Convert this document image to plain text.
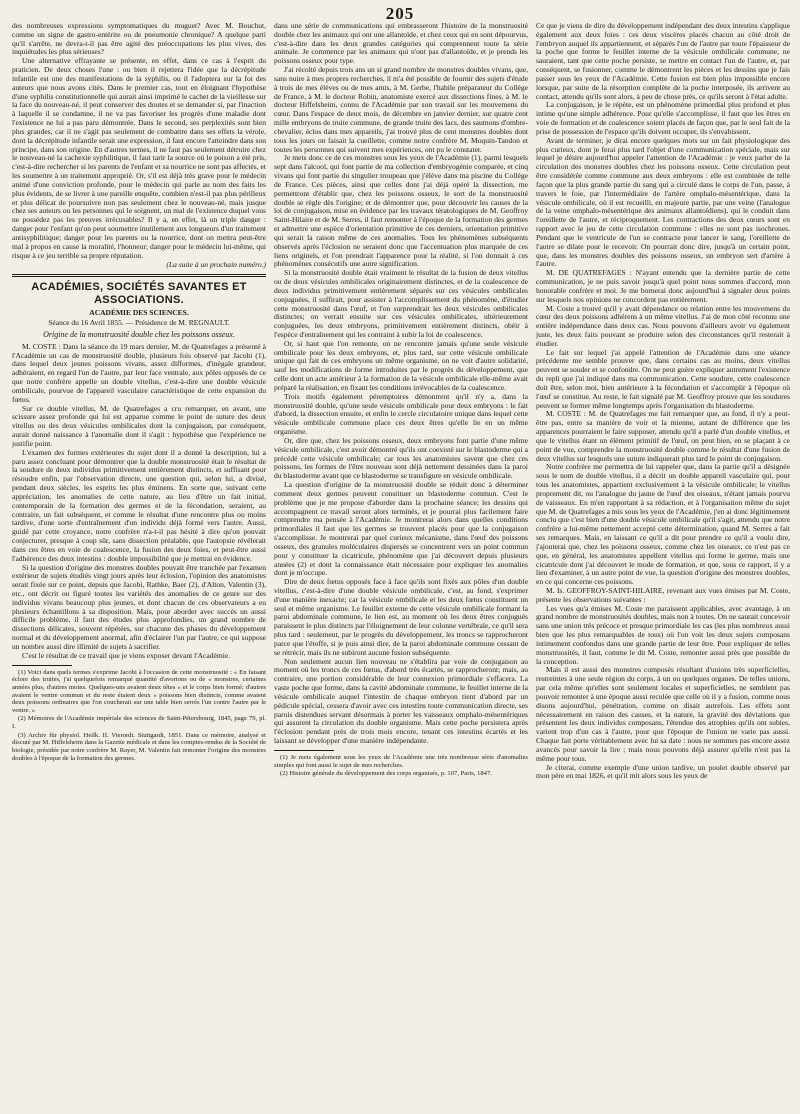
205

des nombreuses expressions symptomatiques du muguet? Avec M. Bouchut, comme un signe de gastro-entérite ou de pneumonie chronique? A quelque parti qu'il s'arrête, ne devra-t-il pas être agité des préoccupations les plus vives, des inquiétudes les plus sérieuses?

Une alternative effrayante se présente, en effet, dans ce cas à l'esprit du praticien. De deux choses l'une : ou bien il rejettera l'idée que la décrépitude infantile est une des manifestations de la syphilis, ou il l'adoptera sur la foi des auteurs que nous avons cités. Dans le premier cas, tout en éloignant l'hypothèse d'une syphilis constitutionnelle qui aurait ainsi imprimé le cachet de la vieillesse sur la face du nouveau-né, il peut conserver des doutes et se demander si, par l'inaction à laquelle il se condamne, il ne va pas favoriser les progrès d'une maladie dont l'existence ne lui a pas paru démontrée. Dans le second, ses perplexités sont bien plus grandes, car il ne s'agit pas seulement de combattre dans ses effets la vérole, dont la décrépitude infantile serait une expression, il faut encore l'atteindre dans son principe, dans son origine. En d'autres termes, il ne faut pas seulement détruire chez le nouveau-né la cachexie syphilitique, il faut tarir la source où le poison a été pris, c'est-à-dire rechercher si les parents de l'enfant et sa nourrice ne sont pas affectés, et les soumettre à un traitement approprié. Or, s'il est déjà très grave pour le médecin animé d'une conviction profonde, pour le médecin qui parle au nom des faits les plus évidents, de se livrer à une pareille enquête, combien n'est-il pas plus périlleux et plus délicat de poursuivre non pas seulement chez le nouveau-né, mais jusque chez ses auteurs ou les personnes qui le soignent, un mal de l'existence duquel vous ne possédez pas les preuves irrécusables? Il y a, en effet, là un triple danger : danger pour l'enfant qu'on peut soumettre inutilement aux longueurs d'un traitement antisyphilitique; danger pour les parents ou la nourrice, dont on mettra peut-être mal à propos en cause la moralité, l'honneur; danger pour le médecin lui-même, qui risque à ce jeu terrible sa propre réputation.

(La suite à un prochain numéro.)
ACADÉMIES, SOCIÉTÉS SAVANTES ET ASSOCIATIONS.
ACADÉMIE DES SCIENCES.
Séance du 16 Avril 1855. — Présidence de M. REGNAULT.
Origine de la monstruosité double chez les poissons osseux.

M. COSTE : Dans la séance du 19 mars dernier, M. de Quatrefages a présenté à l'Académie un cas de monstruosité double, plusieurs fois observé par Jacobi (1), dans lequel deux jeunes poissons vivans, assez difformes, d'inégale grandeur, adhéraient, en regard l'un de l'autre, par leur face ventrale, aux pôles opposés de ce que notre confrère appelle un double vitellus, c'est-à-dire une double vésicule ombilicale, pourvue de l'appareil vasculaire caractéristique de cette expansion du fœtus.

Sur ce double vitellus, M. de Quatrefages a cru remarquer, en avant, une scissure assez profonde qui lui est apparue comme le point de suture des deux vitellus ou des deux vésicules ombilicales dont la conjugaison, par conséquent, aurait donné naissance à l'anomalie dont il s'agit : hypothèse que l'expérience ne justifie point.

L'examen des formes extérieures du sujet dont il a donné la description, lui a paru assez concluant pour démontrer que la double monstruosité était le résultat de la soudure de deux individus primitivement entièrement distincts, et suffisant pour résoudre enfin, par l'observation directe, une question qui, selon lui, a divisé, pendant deux siècles, les esprits les plus éminens. En sorte que, suivant cette appréciation, les anomalies de cette nature, au lieu d'être un fait initial, contemporain de la formation des germes et de la fécondation, seraient, au contraire, un fait subséquent, et comme le résultat d'une rencontre plus ou moins tardive, d'une sorte d'entraînement d'un individu déjà formé vers l'autre. Aussi, guidé par cette croyance, notre confrère n'a-t-il pas hésité à dire qu'on pouvait conjecturer, presque à coup sûr, sans dissection préalable, que l'autopsie révélerait dans ces êtres en voie de coalescence, la fusion des deux foies, et peut-être aussi l'adhérence des deux intestins : double impossibilité que je mettrai en évidence.

Si la question d'origine des monstres doubles pouvait être tranchée par l'examen extérieur de sujets étudiés vingt jours après leur éclosion, l'opinion des anatomistes serait fixée sur ce point, depuis que Jacobi, Rathke, Baer (2), d'Alton, Valentin (3), etc., ont décrit ou figuré toutes les variétés des anomalies de ce genre sur des individus vivans beaucoup plus jeunes, et dont chacun de ces observateurs a eu plusieurs échantillons à sa disposition. Mais, pour aborder avec succès un aussi difficile problème, il faut des études plus approfondies, un grand nombre de dissections délicates, souvent répétées, sur chacune des phases du développement normal et du développement anormal, afin d'éclairer l'un par l'autre, ce qui suppose un nombre aussi dire illimité de sujets à sacrifier.

C'est le résultat de ce travail que je viens exposer devant l'Académie.

(1) Voici dans quels termes s'exprime Jacobi à l'occasion de cette monstruosité : « En faisant éclore des truites, j'ai quelquefois remarqué quantité d'avortons ou de « monstres, certaines années plus, d'autres moins. Quelques-uns avaient deux têtes « et le corps bien formé; d'autres avaient le ventre commun et du reste étaient deux « poissons bien distincts, comme avaient deux poissons ordinaires que l'on coucherait sur une table bien serrés l'un contre l'autre par le ventre. »

(2) Mémoires de l'Académie impériale des sciences de Saint-Pétersbourg, 1845, page 79, pl. I.

(3) Archiv für physiol. Heilk. II. Vierordt. Stuttgardt, 1851. Dans ce mémoire, analysé et discuté par M. Hiffelsheim dans la Gazette médicale et dans les comptes-rendus de la Société de biologie, présidée par notre confrère M. Rayer, M. Valentin fait remonter l'origine des monstres doubles à l'époque de la formation des germes.

dans une série de communications qui embrasseront l'histoire de la monstruosité double chez les animaux qui ont une allantoïde, et chez ceux qui en sont dépourvus, c'est-à-dire dans les deux grandes catégories qui comprennent toute la série animale. Je commence par les animaux qui n'ont pas d'allantoïde, et je prends les poissons osseux pour type.

J'ai récolté depuis trois ans un si grand nombre de monstres doubles vivans, que, sans nuire à mes propres recherches, il m'a été possible de fournir des sujets d'étude à trois de mes élèves ou de mes amis, à M. Gerbe, l'habile préparateur du Collége de France, à M. le docteur Robin, anatomiste exercé aux dissections fines, à M. le docteur Hiffelsheim, connu de l'Académie par son travail sur les mouvemens du cœur. Dans l'espace de deux mois, de décembre en janvier dernier, sur quatre cent mille embryons de truite commune, de grande truite des lacs, des saumons d'ombre-chevalier, éclos dans mes appareils, j'ai trouvé plus de cent monstres doubles dont tous les jours on faisait la cueillette, comme notre confrère M. Moquin-Tandon et toutes les personnes qui suivent mes expériences, ont pu le constater.

Je mets donc ce de ces monstres sous les yeux de l'Académie (1), parmi lesquels sept dans l'alcool, qui font partie de ma collection d'embryogénie comparée, et cinq vivans qui font partie du singulier troupeau que j'élève dans ma piscine du Collége de France. Ces pièces, ainsi que celles dont j'ai déjà opéré la dissection, me permettront d'établir que, chez les poissons osseux, le sort de la monstruosité double se règle dès l'origine; et de démontrer que, pour découvrir les causes de la loi de conjugaison, mise en évidence par les travaux tératologiques de M. Geoffroy Saint-Hilaire et de M. Serres, il faut remonter à l'époque de la formation des germes et admettre une espèce d'orientation primitive de ces derniers, orientation primitive qui serait la raison même de ces anomalies. Tous les phénomènes subséquents observés après l'éclosion ne seraient donc que l'accentuation plus marquée de ces liens originels, et l'on prendrait l'apparence pour la réalité, si l'on donnait à ces phénomènes consécutifs une autre signification.

Si la monstruosité double était vraiment le résultat de la fusion de deux vitellus ou de deux vésicules ombilicales originairement distinctes, et de la coalescence de deux individus primitivement entièrement séparés sur ces vésicules ombilicales conjuguées, il suffirait, pour assister à l'accomplissement du phénomène, d'étudier cette monstruosité dans l'œuf, et l'on surprendrait les deux vésicules ombilicales distinctes; on verrait ensuite sur ces vésicules ombilicales, ultérieurement conjuguées, les deux embryons, primitivement entièrement distincts, obéir à l'espèce d'entraînement qui les contraint à subir la loi de coalescence.

Or, si haut que l'on remonte, on ne rencontre jamais qu'une seule vésicule ombilicale pour les deux embryons, et, plus tard, sur cette vésicule ombilicale unique qui fait de ces embryons un même organisme, on ne voit d'autre solidarité, sauf les modifications de forme introduites par le progrès du développement, que celle dont un acte antérieur à la formation de la vésicule ombilicale elle-même avait préparé la réalisation, en fixant les conditions irrévocables de la coalescence.

Trois motifs également péremptoires démontrent qu'il n'y a, dans la monstruosité double, qu'une seule vésicule ombilicale pour deux embryons : le fait d'abord, la dissection ensuite, et enfin le cercle circulatoire unique dans lequel cette vésicule ombilicale commune place ces deux êtres qu'elle lie en un même organisme.

Or, dire que, chez les poissons osseux, deux embryons font partie d'une même vésicule ombilicale, c'est avoir démontré qu'ils ont coexisté sur le blastoderme qui a précédé cette vésicule ombilicale; car tous les anatomistes savent que chez ces poissons, les formes de l'être nouveau sont déjà nettement dessinées dans la paroi du blastoderme avant que ce blastoderme se transfigure en vésicule ombilicale.

La question d'origine de la monstruosité double se réduit donc à déterminer comment deux germes peuvent constituer un blastoderme commun. C'est le problème que je me propose d'aborder dans la prochaine séance; les dessins qui accompagnent ce travail seront alors terminés, et je pourrai plus facilement faire comprendre ma pensée à l'Académie. Je montrerai alors dans quelles conditions primordiales il faut que les germes se trouvent placés pour que la conjugaison s'accomplisse. Je montrerai par quel curieux mécanisme, dans l'œuf des poissons osseux, des granules moléculaires dispersés se concentrent vers un point commun pour y constituer la cicatricule, phénomène que j'ai découvert depuis plusieurs années (2) et dont la connaissance était nécessaire pour expliquer les anomalies dont je m'occupe.

Dire de deux fœtus opposés face à face qu'ils sont fixés aux pôles d'un double vitellus, c'est-à-dire d'une double vésicule ombilicale, c'est, au fond, s'exprimer d'une manière inexacte; car la vésicule ombilicale et les deux fœtus constituent un seul et même organisme. Le feuillet externe de cette vésicule ombilicale formant la paroi abdominale commune, le lien est, au moment où les deux êtres conjugués paraissent le plus distincts par l'éloignement de leur colonne vertébrale, ce qu'il sera plus tard : seulement, par le progrès du développement, les troncs se rapprocheront parce que l'étoffe, si je puis ainsi dire, de la paroi abdominale commune cessant de se rétrécir, mais ils ne subiront aucune fusion subséquente.

Non seulement aucun lien nouveau ne s'établira par voie de conjugaison au moment où les troncs de ces fœtus, d'abord très écartés, se rapprocheront; mais, au contraire, une portion considérable de leur connexion primordiale s'effacera. La vaste poche que forme, dans la cavité abdominale commune, le feuillet interne de la vésicule ombilicale auquel l'intestin de chaque embryon tient d'abord par un pédicule spécial, cessera d'avoir avec ces intestins toute communication directe, ses parois distendues servant désormais à porter les vaisseaux omphalo-mésentériques qui assurent la circulation du double organisme. Mais cette poche persistera après l'éclosion pendant près de trois mois encore, tenant ces intestins écartés et les laissant se développer d'une manière indépendante.

(1) Je mets également sous les yeux de l'Académie une très nombreuse série d'anomalies simples qui font aussi le sujet de mes recherches.

(2) Histoire générale du développement des corps organisés, p. 107, Paris, 1847.

Ce que je viens de dire du développement indépendant des deux intestins s'applique également aux deux foies : ces deux viscères placés chacun au côté droit de l'embryon auquel ils appartiennent, et séparés l'un de l'autre par toute l'épaisseur de la poche que forme le feuillet interne de la vésicule ombilicale commune, ne sauraient, tant que cette poche persiste, se mettre en contact l'un de l'autre, et, par conséquent, se fusionner, comme le démontrent les pièces et les dessins que je fais passer sous les yeux de l'Académie. Cette fusion est bien plus impossible encore lorsque, par suite de la résorption complète de la poche interposée, ils arrivent au contact, attendu qu'ils sont alors, à peu de chose près, ce qu'ils seront à l'état adulte.

La conjugaison, je le répète, est un phénomène primordial plus profond et plus intime qu'une simple adhérence. Pour qu'elle s'accomplisse, il faut que les êtres en voie de formation et de coalescence soient placés de façon que, par le seul fait de la prise de possession de l'espace qu'ils doivent occuper, ils s'envahissent.

Avant de terminer, je dirai encore quelques mots sur un fait physiologique des plus curieux, dont je ferai plus tard l'objet d'une communication spéciale, mais sur lequel je désire aujourd'hui appeler l'attention de l'Académie : je veux parler de la circulation des monstres doubles chez les poissons osseux. Cette circulation peut être considérée comme commune aux deux embryons : elle est combinée de telle façon que la plus grande partie du sang qui a circulé dans le corps de l'un, passe, à travers le foie, par l'intermédiaire de l'artère omphalo-mésentérique, dans la vésicule ombilicale, où il est recueilli, en majeure partie, par une veine (l'analogue de la veine omphalo-mésentérique des animaux allantoïdiens), qui le conduit dans l'oreillette de l'autre, et réciproquement. Les contractions des deux cœurs sont en rapport avec le jeu de cette circulation commune : elles ne sont pas isochrones. Pendant que le ventricule de l'un se contracte pour lancer le sang, l'oreillette de l'autre se dilate pour le recevoir. On pourrait donc dire, jusqu'à un certain point, que, dans les monstres doubles des poissons osseux, un embryon sert d'artère à l'autre.

M. DE QUATREFAGES : N'ayant entendu que la dernière partie de cette communication, je ne puis savoir jusqu'à quel point nous sommes d'accord, mon honorable confrère et moi. Je me bornerai donc aujourd'hui à signaler deux points sur lesquels nos opinions ne concordent pas entièrement.

M. Coste a trouvé qu'il y avait dépendance ou relation entre les mouvemens du cœur des deux poissons adhérens à un même vitellus. J'ai de mon côté reconnu une entière indépendance dans deux cas. Nous pouvons d'ailleurs avoir vu également juste, les deux faits pouvant se produire selon des circonstances qu'il resterait à étudier.

Le fait sur lequel j'ai appelé l'attention de l'Académie dans une séance précédente me semble prouver que, dans certains cas au moins, deux vitellus peuvent se souder et se confondre. On ne peut guère expliquer autrement l'existence du repli que j'ai indiqué dans ma communication. Cette soudure, cette coalescence doit être, selon moi, bien antérieure à la fécondation et s'accomplir à l'époque où l'œuf se constitue. Au reste, le fait signalé par M. Geoffroy prouve que les soudures peuvent se former même longtemps après l'organisation du blastoderme.

M. COSTE : M. de Quatrefages me fait remarquer que, au fond, il n'y a peut-être pas, entre sa manière de voir et la mienne, autant de différence que les apparences pourraient le faire supposer, attendu qu'il a parlé d'un double vitellus, et que le vitellus étant un élément primitif de l'œuf, on peut bien, en se plaçant à ce point de vue, comprendre la monstruosité double comme le résultat d'une fusion de deux vitellus sur lesquels une suture indiquerait plus tard le point de conjugaison.

Notre confrère me permettra de lui rappeler que, dans la partie qu'il a désignée sous le nom de double vitellus, il a décrit un double appareil vasculaire qui, pour tous les anatomistes, appartient exclusivement à la vésicule ombilicale; le vitellus proprement dit, ou l'analogue du jaune de l'œuf des oiseaux, n'étant jamais pourvu de vaisseaux. En m'en rapportant à sa rédaction, et à l'organisation même du sujet que M. de Quatrefages a mis sous les yeux de l'Académie, j'en ai donc légitimement conclu que c'est bien d'une double vésicule ombilicale qu'il s'agit, attendu que notre confrère a lui-même nettement accepté cette détermination, quand M. Serres a fait ses remarques. Mais, en laissant ce qu'il a dit pour prendre ce qu'il a voulu dire, j'ajouterai que, chez les poissons osseux, comme chez les oiseaux, ce n'est pas ce que, en général, les anatomistes appellent vitellus qui forme le germe, mais une cicatricule dont j'ai découvert le mode de formation, et que, sous ce rapport, il y a lieu d'examiner, à un autre point de vue, la question d'origine des monstres doubles, en ce qui concerne ces poissons.

M. Is. GEOFFROY-SAINT-HILAIRE, revenant aux vues émises par M. Coste, présente les observations suivantes :

Les vues qu'a émises M. Coste me paraissent applicables, avec avantage, à un grand nombre de monstruosités doubles, mais non à toutes. On ne saurait concevoir sans une union très précoce et presque primordiale les cas (les plus nombreux aussi bien que les plus remarquables de tous) où l'on voit les deux sujets composans intimement confondus dans une grande partie de leur être. Pour expliquer de telles monstruosités, il faut, comme le dit M. Coste, remonter aussi près que possible de la conception.

Mais il est aussi des monstres composés résultant d'unions très superficielles, restreintes à une seule région du corps, à un ou quelques organes. De telles unions, par cela même qu'elles sont seulement locales et superficielles, ne semblent pas pouvoir remonter à une époque aussi reculée que celle où il y a fusion, comme nous disons aujourd'hui, pénétration, comme on disait autrefois. Les effets sont nécessairement en raison des causes, et la nature, la gravité des déviations que présentent les deux individus composans, l'étendue des atrophies qu'ils ont subies, varient trop d'un cas à l'autre, pour que l'époque de l'union ne varie pas aussi. Chaque fait porte véritablement avec lui sa date : nous ne sommes pas encore assez avancés pour savoir la lire ; mais nous pouvons déjà assurer qu'elle n'est pas la même pour tous.

Je citerai, comme exemple d'une union tardive, un poulet double observé par mon père en mai 1826, et qu'il mit alors sous les yeux de
